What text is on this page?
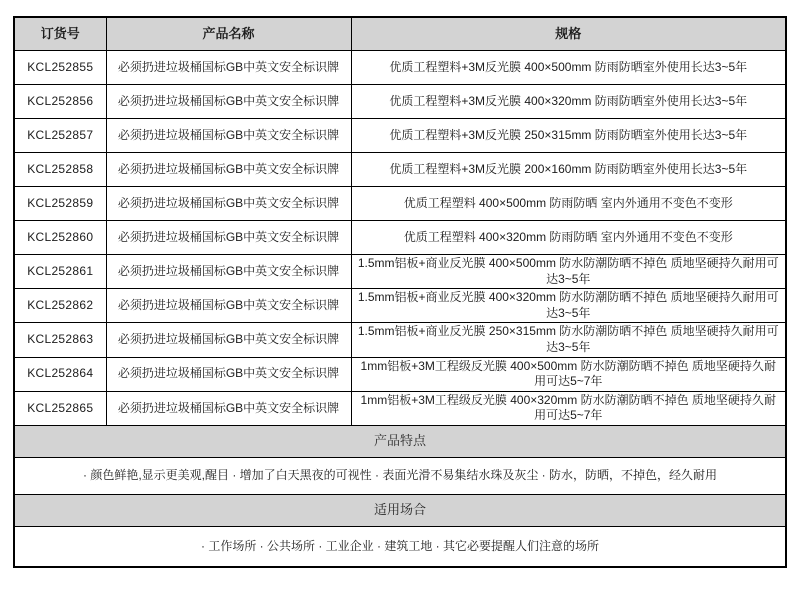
订货号	产品名称	规格
KCL252855	必须扔进垃圾桶国标GB中英文安全标识牌	优质工程塑料+3M反光膜 400×500mm 防雨防晒室外使用长达3~5年
KCL252856	必须扔进垃圾桶国标GB中英文安全标识牌	优质工程塑料+3M反光膜 400×320mm 防雨防晒室外使用长达3~5年
KCL252857	必须扔进垃圾桶国标GB中英文安全标识牌	优质工程塑料+3M反光膜 250×315mm 防雨防晒室外使用长达3~5年
KCL252858	必须扔进垃圾桶国标GB中英文安全标识牌	优质工程塑料+3M反光膜 200×160mm 防雨防晒室外使用长达3~5年
KCL252859	必须扔进垃圾桶国标GB中英文安全标识牌	优质工程塑料 400×500mm 防雨防晒 室内外通用不变色不变形
KCL252860	必须扔进垃圾桶国标GB中英文安全标识牌	优质工程塑料 400×320mm 防雨防晒 室内外通用不变色不变形
KCL252861	必须扔进垃圾桶国标GB中英文安全标识牌	1.5mm铝板+商业反光膜 400×500mm 防水防潮防晒不掉色 质地坚硬持久耐用可达3~5年
KCL252862	必须扔进垃圾桶国标GB中英文安全标识牌	1.5mm铝板+商业反光膜 400×320mm 防水防潮防晒不掉色 质地坚硬持久耐用可达3~5年
KCL252863	必须扔进垃圾桶国标GB中英文安全标识牌	1.5mm铝板+商业反光膜 250×315mm 防水防潮防晒不掉色 质地坚硬持久耐用可达3~5年
KCL252864	必须扔进垃圾桶国标GB中英文安全标识牌	1mm铝板+3M工程级反光膜 400×500mm 防水防潮防晒不掉色 质地坚硬持久耐用可达5~7年
KCL252865	必须扔进垃圾桶国标GB中英文安全标识牌	1mm铝板+3M工程级反光膜 400×320mm 防水防潮防晒不掉色 质地坚硬持久耐用可达5~7年
产品特点		
· 颜色鲜艳,显示更美观,醒目 · 增加了白天黑夜的可视性 · 表面光滑不易集结水珠及灰尘 · 防水，防晒，不掉色，经久耐用		
适用场合		
· 工作场所 · 公共场所 · 工业企业 · 建筑工地 · 其它必要提醒人们注意的场所		
